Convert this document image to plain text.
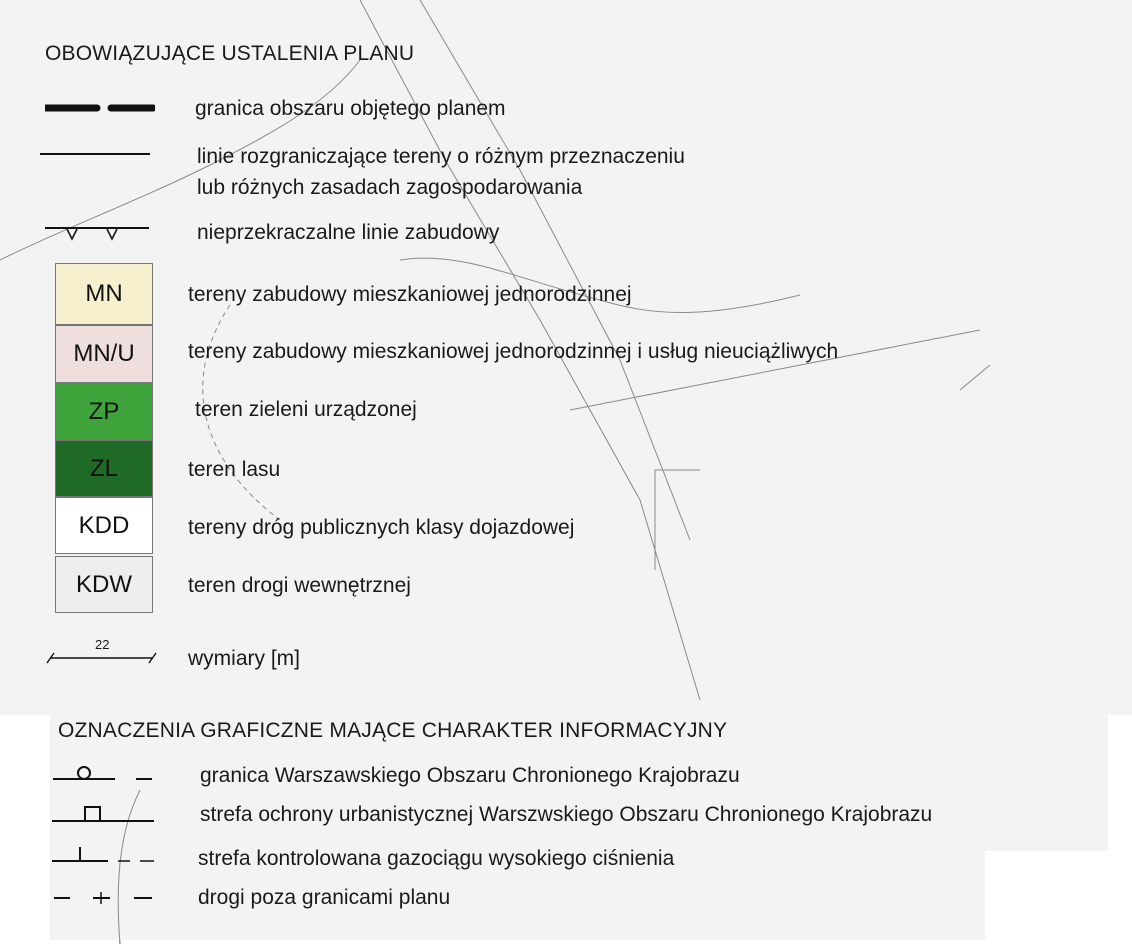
OBOWIĄZUJĄCE USTALENIA PLANU
granica obszaru objętego planem
linie rozgraniczające tereny o różnym przeznaczeniu
lub różnych zasadach zagospodarowania
nieprzekraczalne linie zabudowy
MN	tereny zabudowy mieszkaniowej jednorodzinnej
MN/U	tereny zabudowy mieszkaniowej jednorodzinnej i usług nieuciążliwych
ZP	teren zieleni urządzonej
ZL	teren lasu
KDD	tereny dróg publicznych klasy dojazdowej
KDW	teren drogi wewnętrznej
22
wymiary [m]
OZNACZENIA GRAFICZNE MAJĄCE CHARAKTER INFORMACYJNY
granica Warszawskiego Obszaru Chronionego Krajobrazu
strefa ochrony urbanistycznej Warszwskiego Obszaru Chronionego Krajobrazu
strefa kontrolowana gazociągu wysokiego ciśnienia
drogi poza granicami planu
